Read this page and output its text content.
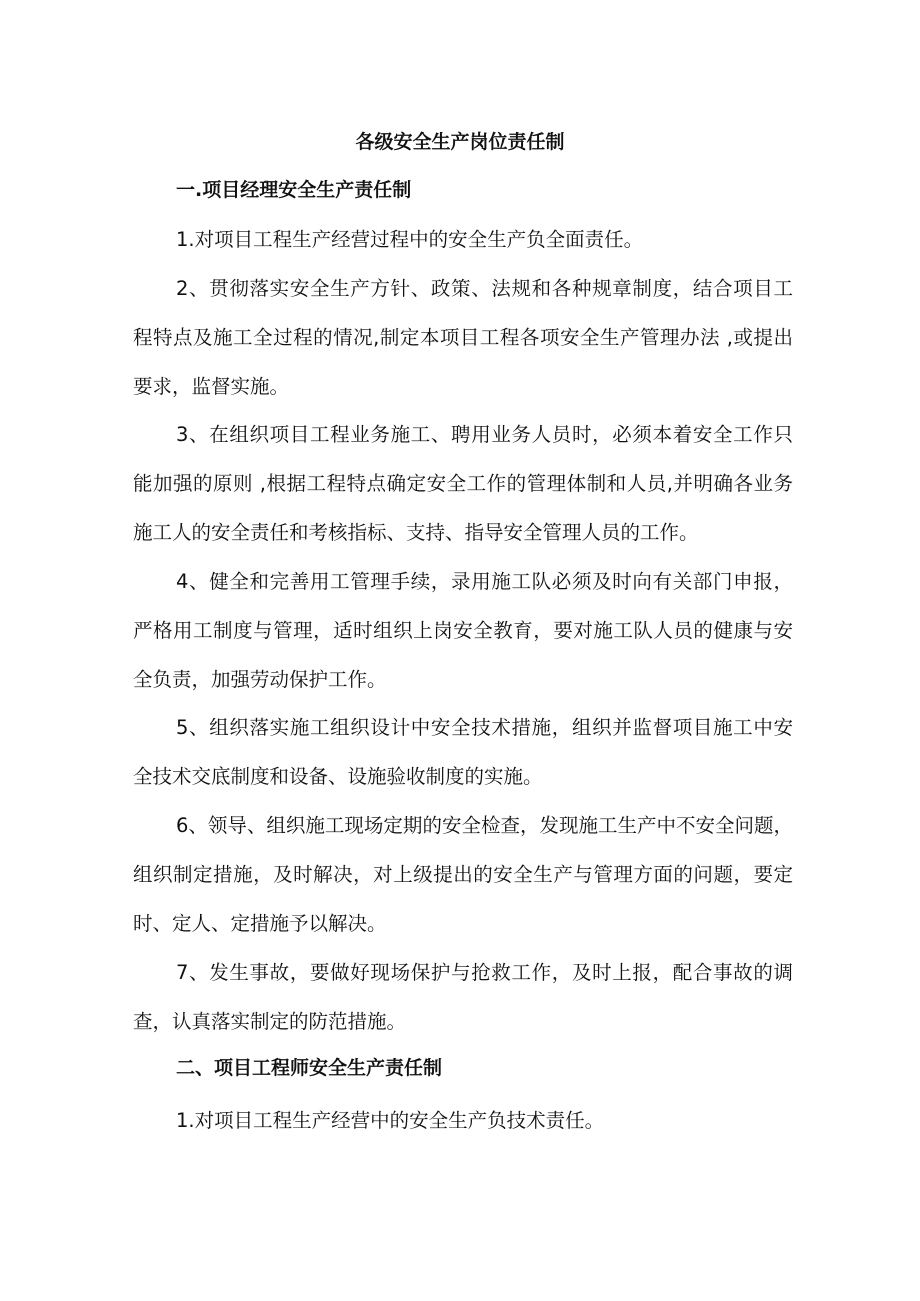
各级安全生产岗位责任制
一.项目经理安全生产责任制
1.对项目工程生产经营过程中的安全生产负全面责任。
2、贯彻落实安全生产方针、政策、法规和各种规章制度，结合项目工
程特点及施工全过程的情况,制定本项目工程各项安全生产管理办法 ,或提出
要求，监督实施。
3、在组织项目工程业务施工、聘用业务人员时，必须本着安全工作只
能加强的原则 ,根据工程特点确定安全工作的管理体制和人员,并明确各业务
施工人的安全责任和考核指标、支持、指导安全管理人员的工作。
4、健全和完善用工管理手续，录用施工队必须及时向有关部门申报，
严格用工制度与管理，适时组织上岗安全教育，要对施工队人员的健康与安
全负责，加强劳动保护工作。
5、组织落实施工组织设计中安全技术措施，组织并监督项目施工中安
全技术交底制度和设备、设施验收制度的实施。
6、领导、组织施工现场定期的安全检查，发现施工生产中不安全问题，
组织制定措施，及时解决，对上级提出的安全生产与管理方面的问题，要定
时、定人、定措施予以解决。
7、发生事故，要做好现场保护与抢救工作，及时上报，配合事故的调
查，认真落实制定的防范措施。
二、项目工程师安全生产责任制
1.对项目工程生产经营中的安全生产负技术责任。
